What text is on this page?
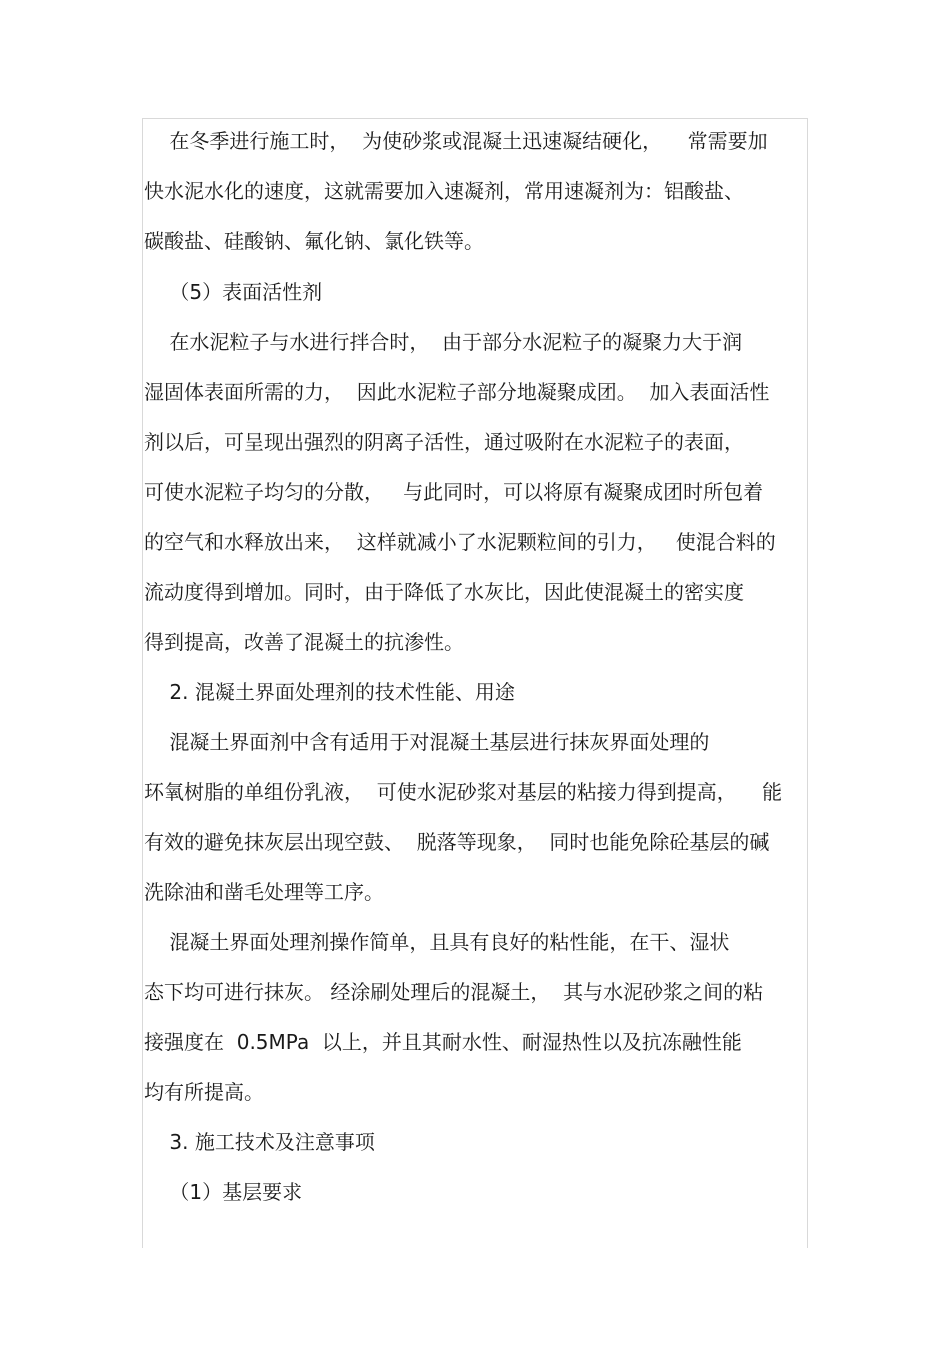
在冬季进行施工时，  为使砂浆或混凝土迅速凝结硬化，    常需要加
快水泥水化的速度，这就需要加入速凝剂，常用速凝剂为：铝酸盐、
碳酸盐、硅酸钠、氟化钠、氯化铁等。
（5）表面活性剂
在水泥粒子与水进行拌合时，  由于部分水泥粒子的凝聚力大于润
湿固体表面所需的力，  因此水泥粒子部分地凝聚成团。  加入表面活性
剂以后，可呈现出强烈的阴离子活性，通过吸附在水泥粒子的表面，
可使水泥粒子均匀的分散，   与此同时，可以将原有凝聚成团时所包着
的空气和水释放出来，  这样就减小了水泥颗粒间的引力，   使混合料的
流动度得到增加。同时，由于降低了水灰比，因此使混凝土的密实度
得到提高，改善了混凝土的抗渗性。
2. 混凝土界面处理剂的技术性能、用途
混凝土界面剂中含有适用于对混凝土基层进行抹灰界面处理的
环氧树脂的单组份乳液，  可使水泥砂浆对基层的粘接力得到提高，    能
有效的避免抹灰层出现空鼓、  脱落等现象，  同时也能免除砼基层的碱
洗除油和凿毛处理等工序。
混凝土界面处理剂操作简单，且具有良好的粘性能，在干、湿状
态下均可进行抹灰。 经涂刷处理后的混凝土，  其与水泥砂浆之间的粘
接强度在  0.5MPa  以上，并且其耐水性、耐湿热性以及抗冻融性能
均有所提高。
3. 施工技术及注意事项
（1）基层要求
